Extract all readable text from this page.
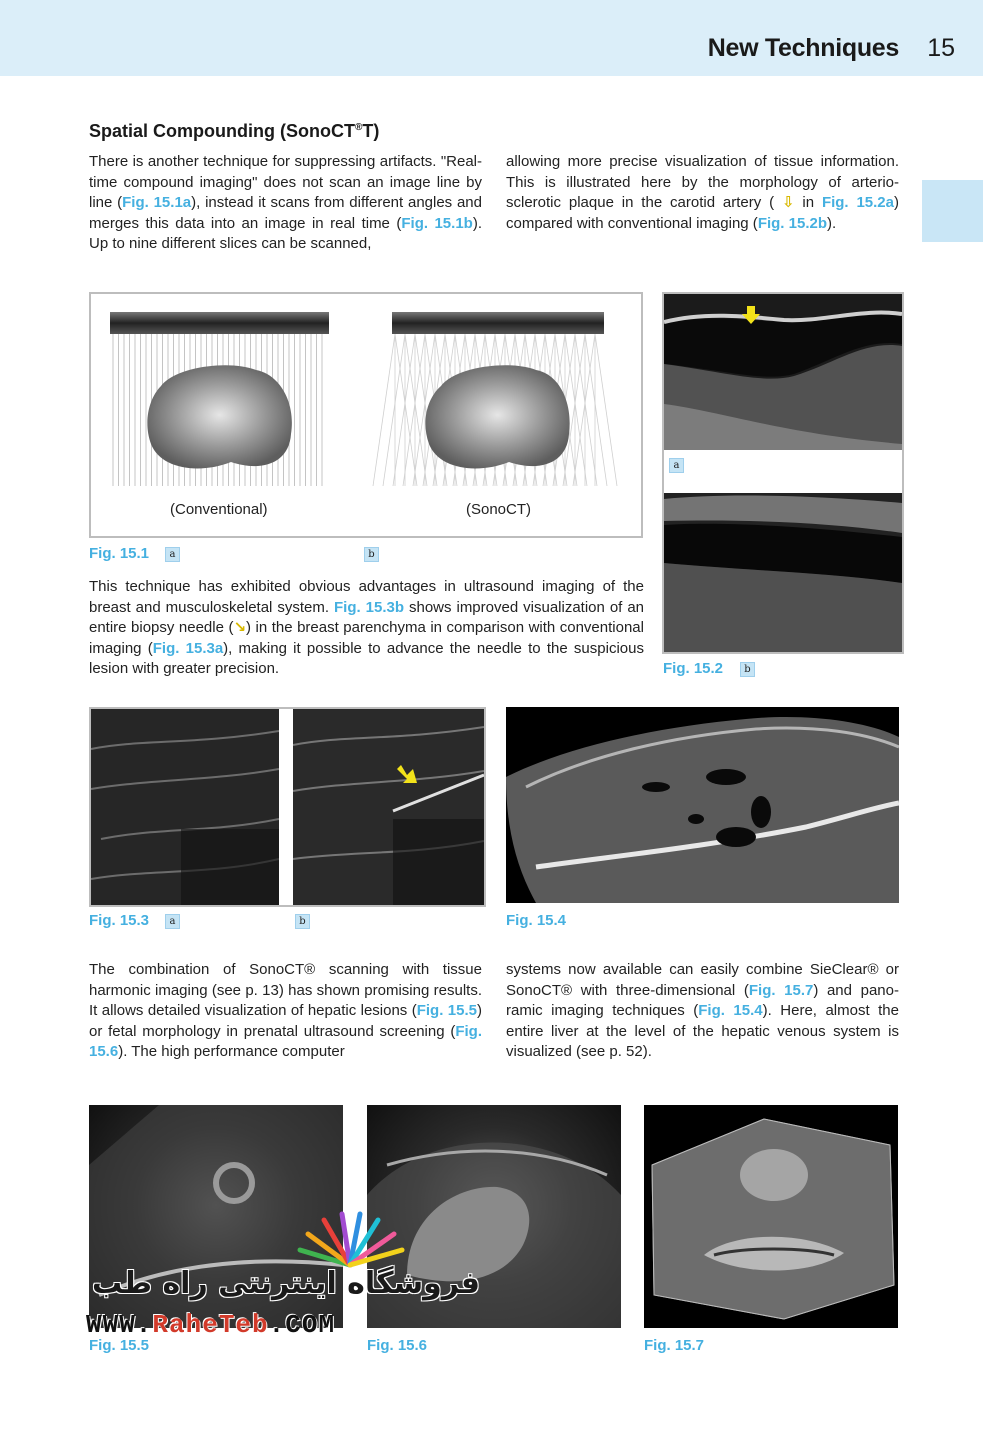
New Techniques 15
Spatial Compounding (SonoCT®T)
There is another technique for suppressing artifacts. "Real-time compound imaging" does not scan an image line by line (Fig. 15.1a), instead it scans from different angles and merges this data into an image in real time (Fig. 15.1b). Up to nine different slices can be scanned,
allowing more precise visualization of tissue information. This is illustrated here by the morphology of arterio-sclerotic plaque in the carotid artery ( ⇩ in Fig. 15.2a) compared with conventional imaging (Fig. 15.2b).
(Conventional)	(SonoCT)
Fig. 15.1	a	b
a
Fig. 15.2	b
This technique has exhibited obvious advantages in ultrasound imaging of the breast and musculoskeletal system. Fig. 15.3b shows improved visualization of an entire biopsy needle (↘) in the breast parenchyma in comparison with conventional imaging (Fig. 15.3a), making it possible to advance the needle to the suspicious lesion with greater precision.
Fig. 15.3	a	b	Fig. 15.4
The combination of SonoCT® scanning with tissue harmonic imaging (see p. 13) has shown promising results. It allows detailed visualization of hepatic lesions (Fig. 15.5) or fetal morphology in prenatal ultrasound screening (Fig. 15.6). The high performance computer
systems now available can easily combine SieClear® or SonoCT® with three-dimensional (Fig. 15.7) and pano-ramic imaging techniques (Fig. 15.4). Here, almost the entire liver at the level of the hepatic venous system is visualized (see p. 52).
Fig. 15.5	Fig. 15.6	Fig. 15.7
فروشگاه اینترنتی راه طب
WWW.RaheTeb.COM
